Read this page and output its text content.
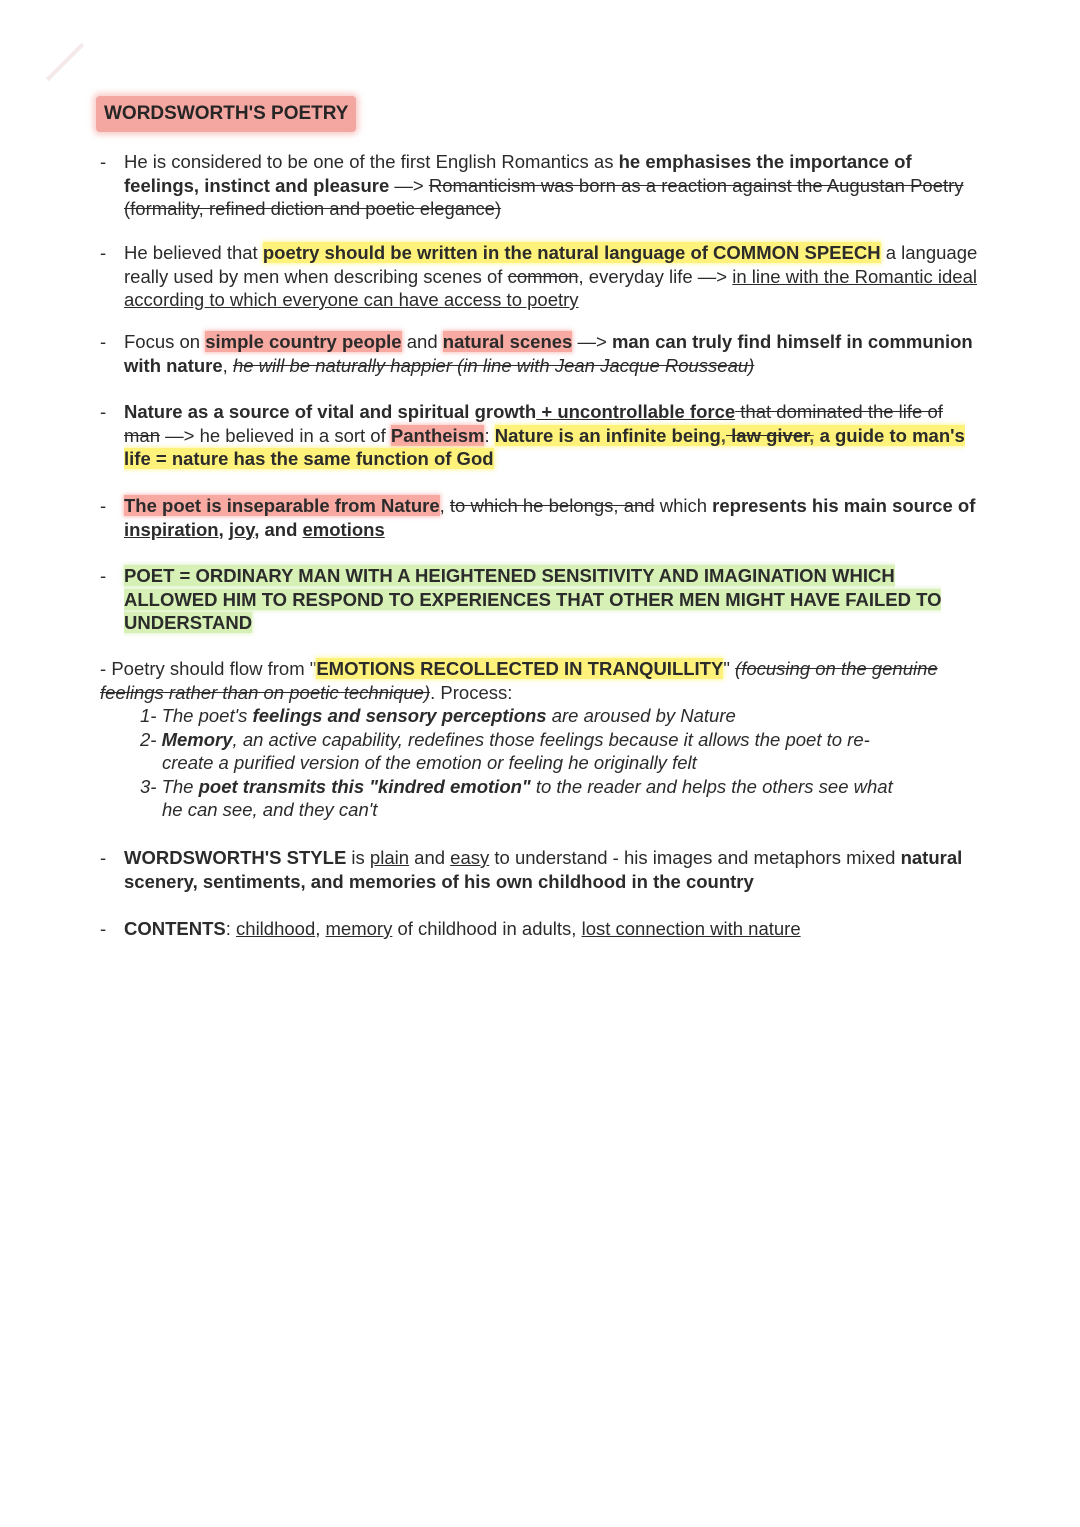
WORDSWORTH'S POETRY
- He is considered to be one of the first English Romantics as he emphasises the importance of feelings, instinct and pleasure —> Romanticism was born as a reaction against the Augustan Poetry (formality, refined diction and poetic elegance)
- He believed that poetry should be written in the natural language of COMMON SPEECH a language really used by men when describing scenes of common, everyday life —> in line with the Romantic ideal according to which everyone can have access to poetry
- Focus on simple country people and natural scenes —> man can truly find himself in communion with nature, he will be naturally happier (in line with Jean Jacque Rousseau)
- Nature as a source of vital and spiritual growth + uncontrollable force that dominated the life of man —> he believed in a sort of Pantheism: Nature is an infinite being, law giver, a guide to man's life = nature has the same function of God
- The poet is inseparable from Nature, to which he belongs, and which represents his main source of inspiration, joy, and emotions
- POET = ORDINARY MAN WITH A HEIGHTENED SENSITIVITY AND IMAGINATION WHICH ALLOWED HIM TO RESPOND TO EXPERIENCES THAT OTHER MEN MIGHT HAVE FAILED TO UNDERSTAND
- Poetry should flow from "EMOTIONS RECOLLECTED IN TRANQUILLITY" (focusing on the genuine feelings rather than on poetic technique). Process:
1- The poet's feelings and sensory perceptions are aroused by Nature
2- Memory, an active capability, redefines those feelings because it allows the poet to re-
create a purified version of the emotion or feeling he originally felt
3- The poet transmits this "kindred emotion" to the reader and helps the others see what
he can see, and they can't
- WORDSWORTH'S STYLE is plain and easy to understand - his images and metaphors mixed natural scenery, sentiments, and memories of his own childhood in the country
- CONTENTS: childhood, memory of childhood in adults, lost connection with nature
